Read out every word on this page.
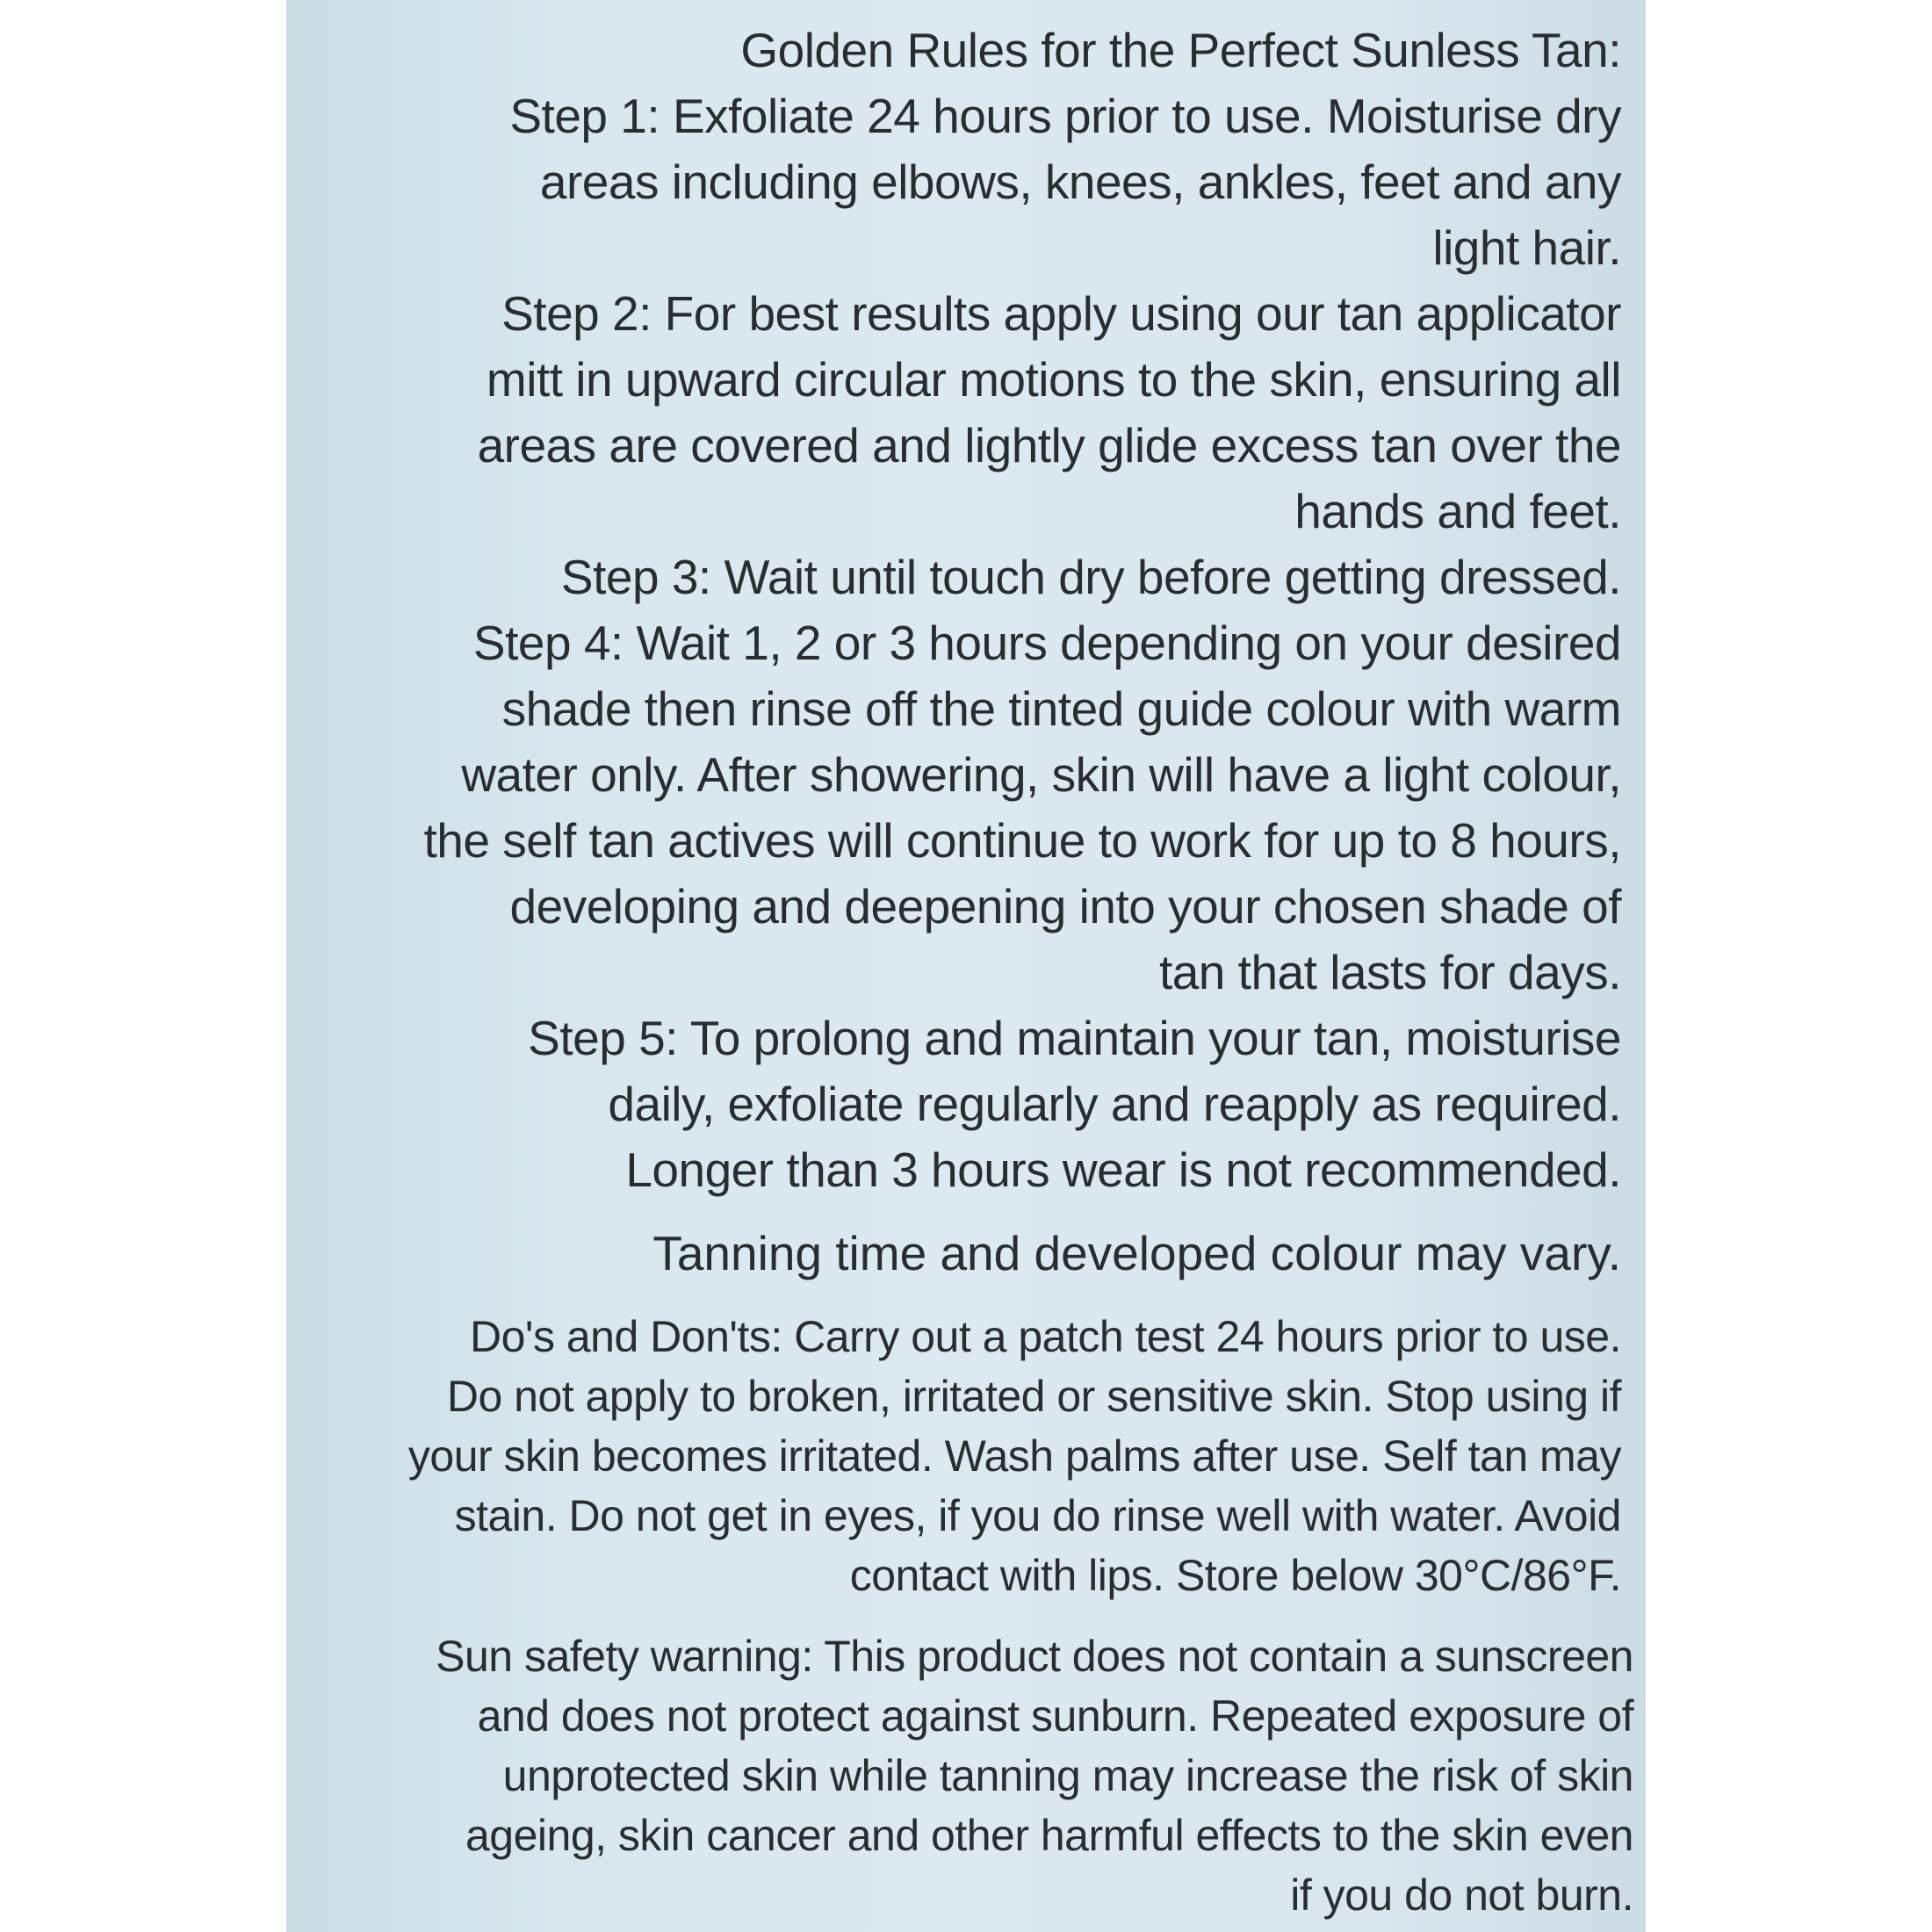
Golden Rules for the Perfect Sunless Tan:
Step 1: Exfoliate 24 hours prior to use. Moisturise dry
areas including elbows, knees, ankles, feet and any
light hair.
Step 2: For best results apply using our tan applicator
mitt in upward circular motions to the skin, ensuring all
areas are covered and lightly glide excess tan over the
hands and feet.
Step 3: Wait until touch dry before getting dressed.
Step 4: Wait 1, 2 or 3 hours depending on your desired
shade then rinse off the tinted guide colour with warm
water only. After showering, skin will have a light colour,
the self tan actives will continue to work for up to 8 hours,
developing and deepening into your chosen shade of
tan that lasts for days.
Step 5: To prolong and maintain your tan, moisturise
daily, exfoliate regularly and reapply as required.
Longer than 3 hours wear is not recommended.

Tanning time and developed colour may vary.

Do's and Don'ts: Carry out a patch test 24 hours prior to use.
Do not apply to broken, irritated or sensitive skin. Stop using if
your skin becomes irritated. Wash palms after use. Self tan may
stain. Do not get in eyes, if you do rinse well with water. Avoid
contact with lips. Store below 30°C/86°F.

Sun safety warning: This product does not contain a sunscreen
and does not protect against sunburn. Repeated exposure of
unprotected skin while tanning may increase the risk of skin
ageing, skin cancer and other harmful effects to the skin even
if you do not burn.
